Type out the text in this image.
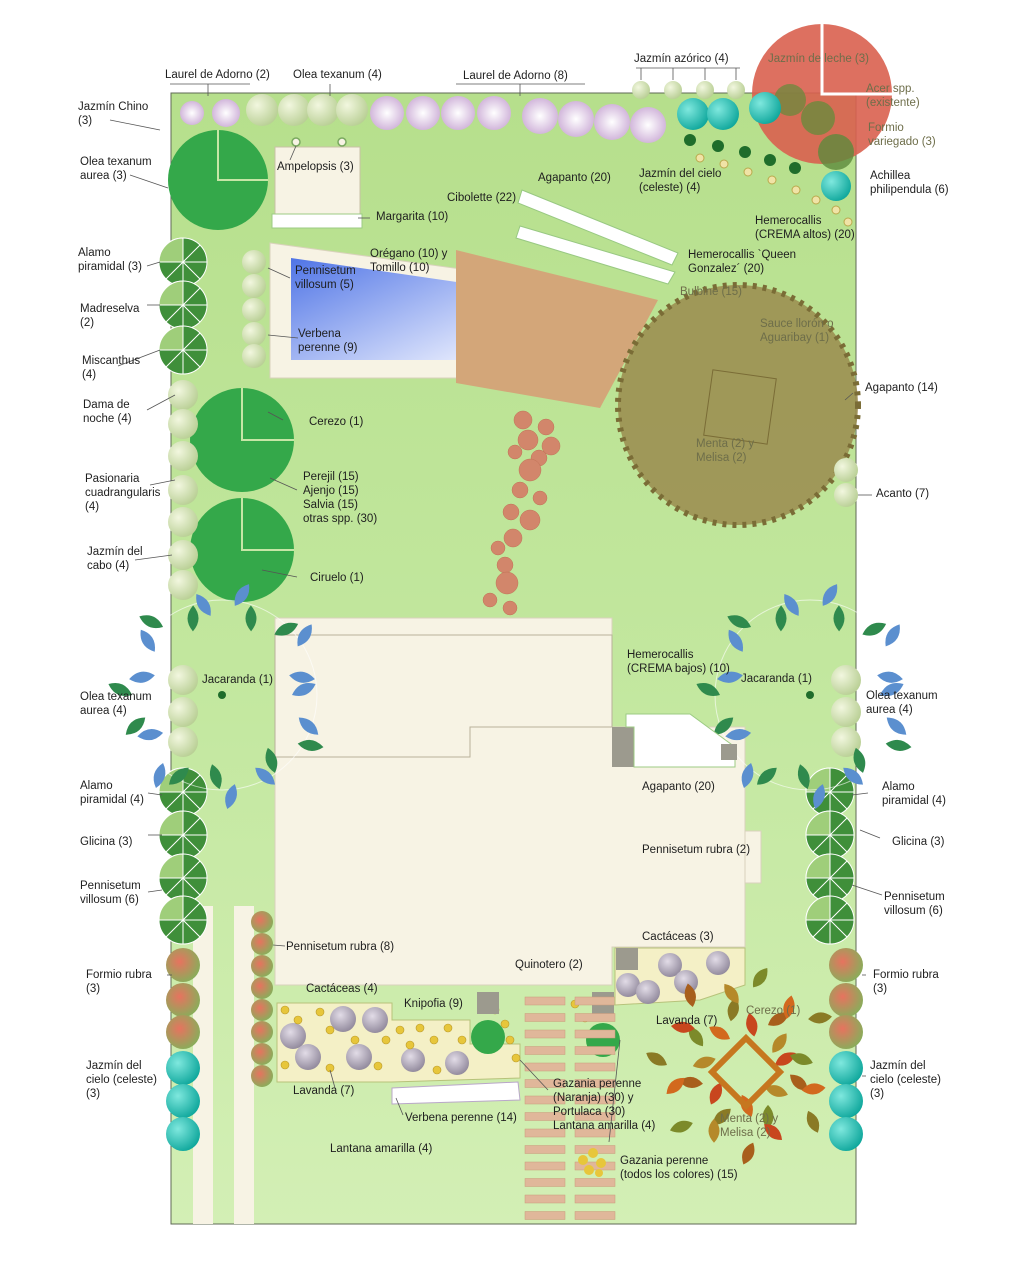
Laurel de Adorno (2) Olea texanum (4)	Laurel de Adorno (8)
Jazmín azórico (4)	Jazmín de leche (3)
Acer spp.
(existente)
Formio
variegado (3)
Achillea
philipendula (6)
Jazmín Chino
(3)
Olea texanum
aurea (3)
Ampelopsis (3)
Agapanto (20)
Cibolette (22)
Jazmín del cielo
(celeste) (4)
Margarita (10)	Hemerocallis
(CREMA altos) (20)
Alamo
piramidal (3)
Orégano (10) y
Tomillo (10)
Hemerocallis `Queen
Gonzalez´ (20)
Pennisetum
villosum (5)
Bulbine (15)
Madreselva
(2)	Sauce llorón o
Aguaribay (1)
Verbena
perenne (9)
Miscanthus
(4)
Agapanto (14)
Dama de
noche (4)	Cerezo (1)
Menta (2) y
Melisa (2)
Pasionaria
cuadrangularis
(4)
Perejil (15)
Ajenjo (15)
Salvia (15)
otras spp. (30)
Acanto (7)
Jazmín del
cabo (4)
Ciruelo (1)
Hemerocallis
(CREMA bajos) (10)
Jacaranda (1)	Jacaranda (1)
Olea texanum
aurea (4)
Olea texanum
aurea (4)
Agapanto (20)
Alamo
piramidal (4)
Alamo
piramidal (4)
Glicina (3)	Glicina (3)
Pennisetum rubra (2)
Pennisetum
villosum (6)	Pennisetum
villosum (6)
Pennisetum rubra (8)
Cactáceas (3)
Formio rubra
(3)
Formio rubra
(3)
Quinotero (2)
Cactáceas (4)
Knipofia (9)
Lavanda (7)
Cerezo (1)
Lavanda (7)
Gazania perenne
(Naranja) (30) y
Portulaca (30)
Lantana amarilla (4)
Jazmín del
cielo (celeste)
(3)
Jazmín del
cielo (celeste)
(3)
Verbena perenne (14)	Menta (2) y
Melisa (2)
Lantana amarilla (4)
Gazania perenne
(todos los colores) (15)
